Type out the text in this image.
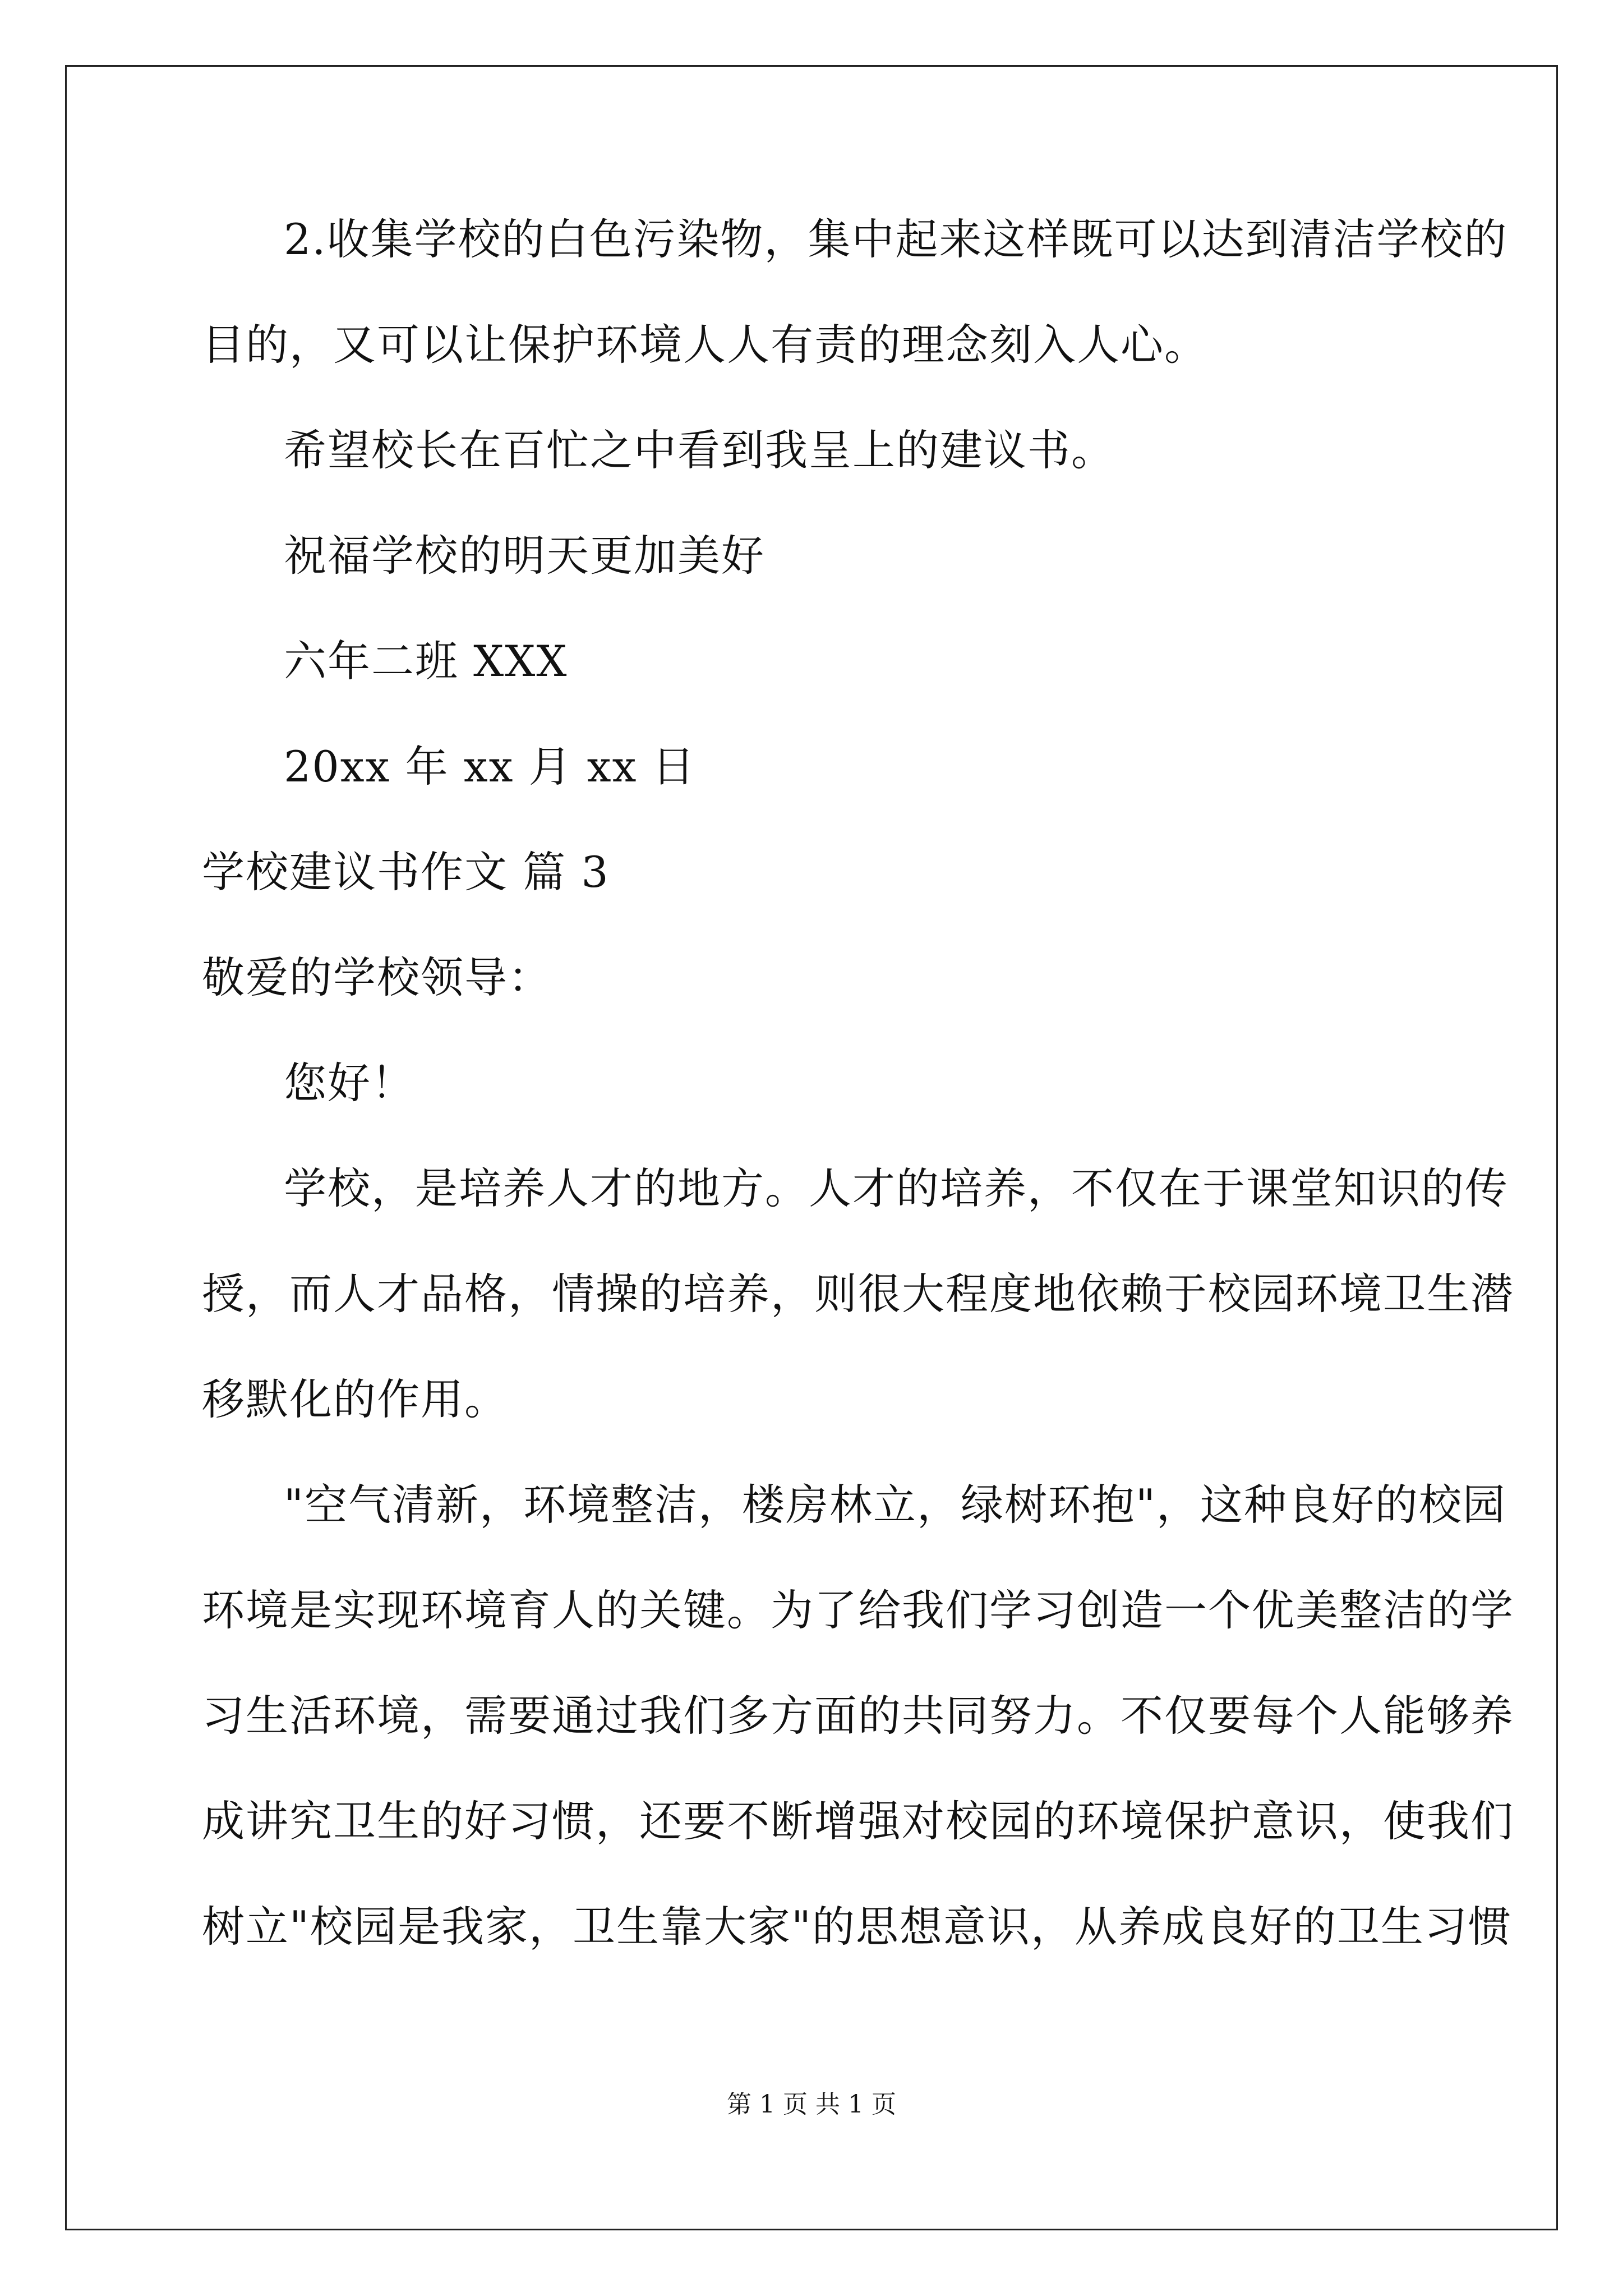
2.收集学校的白色污染物，集中起来这样既可以达到清洁学校的
目的，又可以让保护环境人人有责的理念刻入人心。
希望校长在百忙之中看到我呈上的建议书。
祝福学校的明天更加美好
六年二班 XXX
20xx 年 xx 月 xx 日
学校建议书作文 篇 3
敬爱的学校领导：
您好！
学校，是培养人才的地方。人才的培养，不仅在于课堂知识的传
授，而人才品格，情操的培养，则很大程度地依赖于校园环境卫生潜
移默化的作用。
"空气清新，环境整洁，楼房林立，绿树环抱"，这种良好的校园
环境是实现环境育人的关键。为了给我们学习创造一个优美整洁的学
习生活环境，需要通过我们多方面的共同努力。不仅要每个人能够养
成讲究卫生的好习惯，还要不断增强对校园的环境保护意识，使我们
树立"校园是我家，卫生靠大家"的思想意识，从养成良好的卫生习惯
第 1 页 共 1 页
